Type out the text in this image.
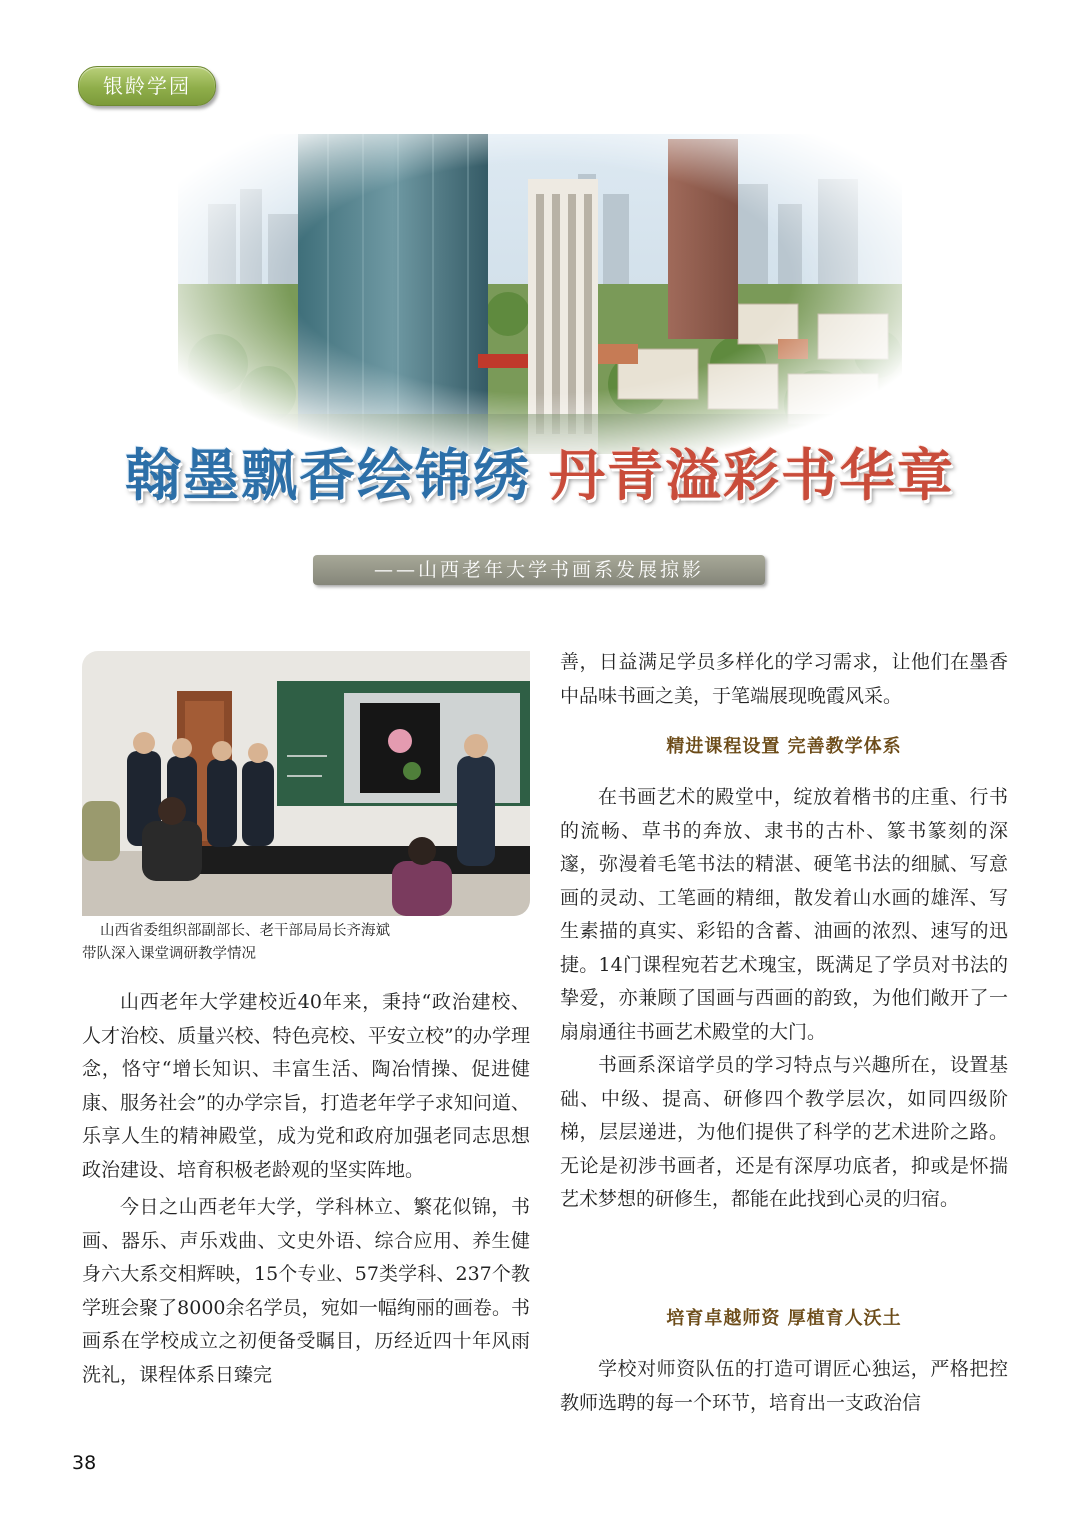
银龄学园
翰墨飘香绘锦绣 丹青溢彩书华章
——山西老年大学书画系发展掠影
山西省委组织部副部长、老干部局局长齐海斌
带队深入课堂调研教学情况

山西老年大学建校近40年来，秉持“政治建校、人才治校、质量兴校、特色亮校、平安立校”的办学理念，恪守“增长知识、丰富生活、陶冶情操、促进健康、服务社会”的办学宗旨，打造老年学子求知问道、乐享人生的精神殿堂，成为党和政府加强老同志思想政治建设、培育积极老龄观的坚实阵地。

今日之山西老年大学，学科林立、繁花似锦，书画、器乐、声乐戏曲、文史外语、综合应用、养生健身六大系交相辉映，15个专业、57类学科、237个教学班会聚了8000余名学员，宛如一幅绚丽的画卷。书画系在学校成立之初便备受瞩目，历经近四十年风雨洗礼，课程体系日臻完

善，日益满足学员多样化的学习需求，让他们在墨香中品味书画之美，于笔端展现晚霞风采。

精进课程设置 完善教学体系

在书画艺术的殿堂中，绽放着楷书的庄重、行书的流畅、草书的奔放、隶书的古朴、篆书篆刻的深邃，弥漫着毛笔书法的精湛、硬笔书法的细腻、写意画的灵动、工笔画的精细，散发着山水画的雄浑、写生素描的真实、彩铅的含蓄、油画的浓烈、速写的迅捷。14门课程宛若艺术瑰宝，既满足了学员对书法的挚爱，亦兼顾了国画与西画的韵致，为他们敞开了一扇扇通往书画艺术殿堂的大门。

书画系深谙学员的学习特点与兴趣所在，设置基础、中级、提高、研修四个教学层次，如同四级阶梯，层层递进，为他们提供了科学的艺术进阶之路。无论是初涉书画者，还是有深厚功底者，抑或是怀揣艺术梦想的研修生，都能在此找到心灵的归宿。

培育卓越师资 厚植育人沃土

学校对师资队伍的打造可谓匠心独运，严格把控教师选聘的每一个环节，培育出一支政治信

38
